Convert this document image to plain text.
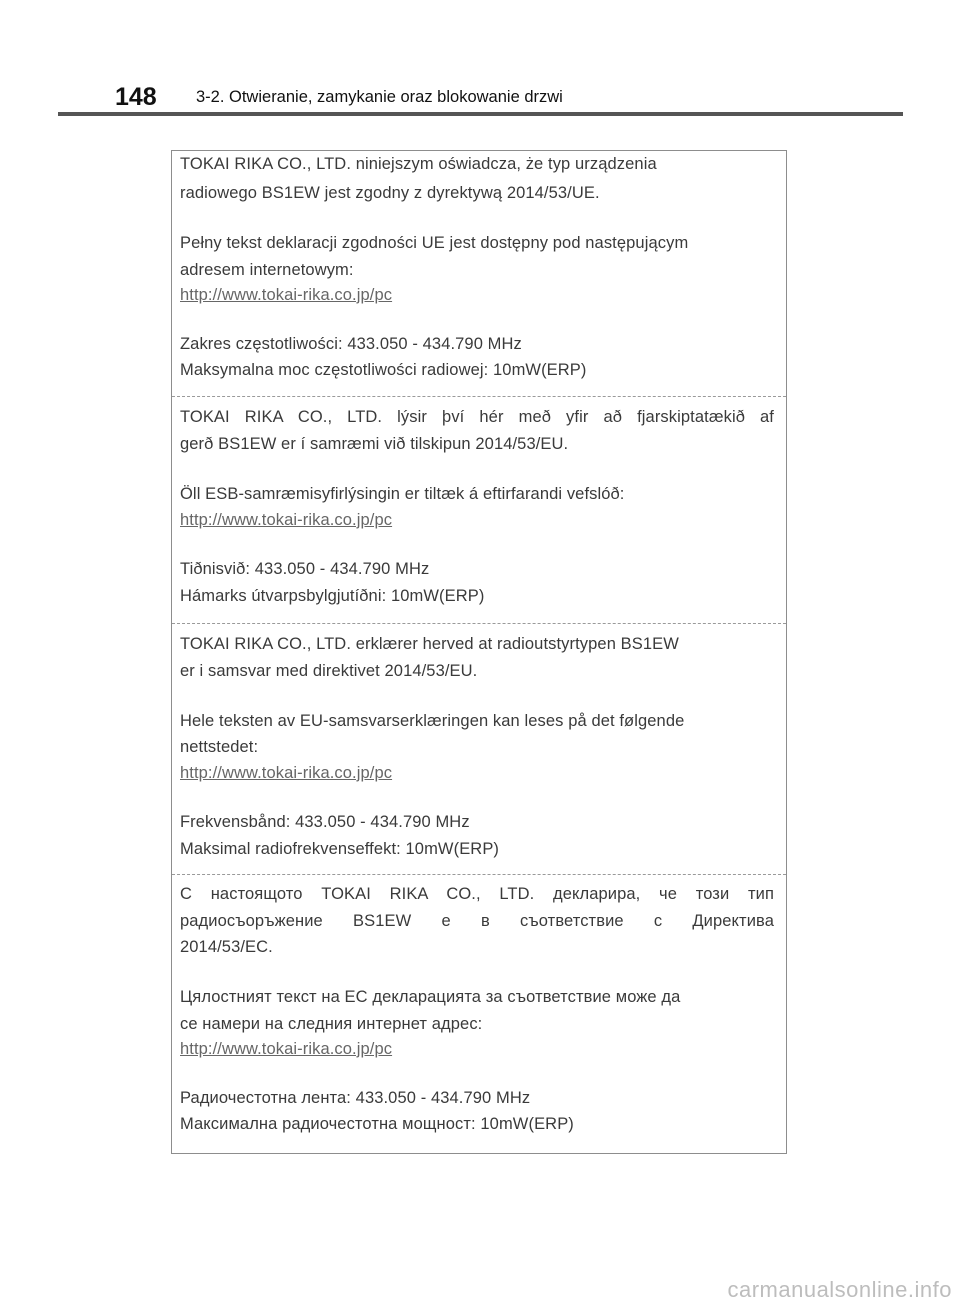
148	3-2. Otwieranie, zamykanie oraz blokowanie drzwi
TOKAI RIKA CO., LTD. niniejszym oświadcza, że typ urządzenia
radiowego BS1EW jest zgodny z dyrektywą 2014/53/UE.
Pełny tekst deklaracji zgodności UE jest dostępny pod następującym
adresem internetowym:
http://www.tokai-rika.co.jp/pc
Zakres częstotliwości: 433.050 - 434.790 MHz
Maksymalna moc częstotliwości radiowej: 10mW(ERP)
TOKAI RIKA CO., LTD. lýsir því hér með yfir að fjarskiptatækið af
gerð BS1EW er í samræmi við tilskipun 2014/53/EU.
Öll ESB-samræmisyfirlýsingin er tiltæk á eftirfarandi vefslóð:
http://www.tokai-rika.co.jp/pc
Tiðnisvið: 433.050 - 434.790 MHz
Hámarks útvarpsbylgjutíðni: 10mW(ERP)
TOKAI RIKA CO., LTD. erklærer herved at radioutstyrtypen BS1EW
er i samsvar med direktivet 2014/53/EU.
Hele teksten av EU-samsvarserklæringen kan leses på det følgende
nettstedet:
http://www.tokai-rika.co.jp/pc
Frekvensbånd: 433.050 - 434.790 MHz
Maksimal radiofrekvenseffekt: 10mW(ERP)
С настоящото TOKAI RIKA CO., LTD. декларира, че този тип
радиосъоръжение BS1EW е в съответствие с Директива
2014/53/ЕС.
Цялостният текст на ЕС декларацията за съответствие може да
се намери на следния интернет адрес:
http://www.tokai-rika.co.jp/pc
Радиочестотна лента: 433.050 - 434.790 MHz
Максимална радиочестотна мощност: 10mW(ERP)
carmanualsonline.info
